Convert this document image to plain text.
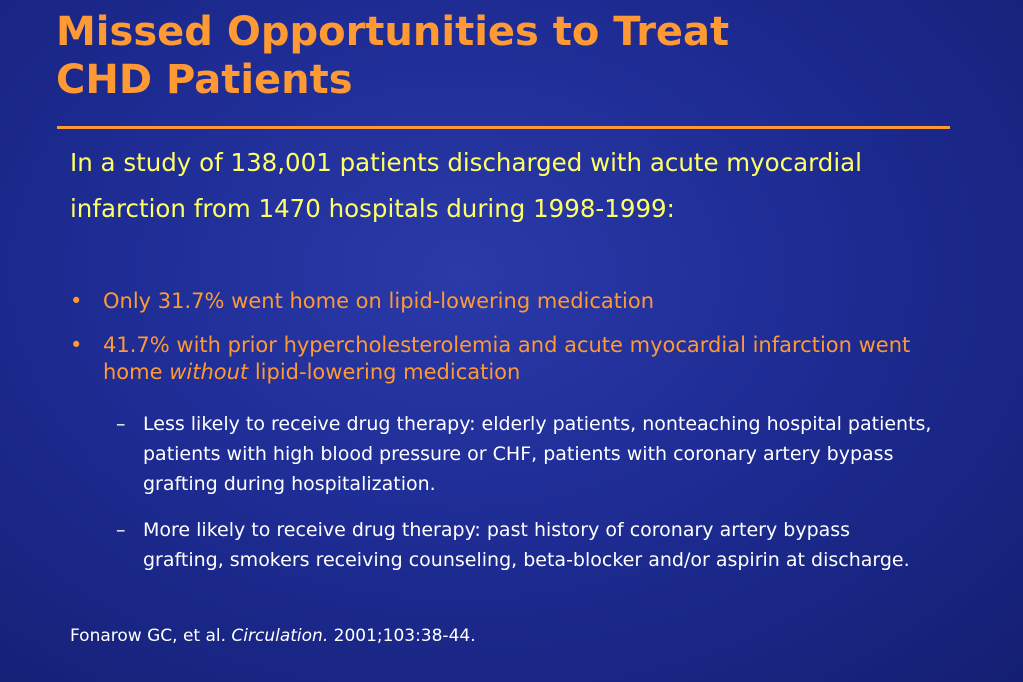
Missed Opportunities to Treat
CHD Patients

In a study of 138,001 patients discharged with acute myocardial infarction from 1470 hospitals during 1998-1999:

• Only 31.7% went home on lipid-lowering medication
• 41.7% with prior hypercholesterolemia and acute myocardial infarction went home without lipid-lowering medication
– Less likely to receive drug therapy: elderly patients, nonteaching hospital patients, patients with high blood pressure or CHF, patients with coronary artery bypass grafting during hospitalization.
– More likely to receive drug therapy: past history of coronary artery bypass grafting, smokers receiving counseling, beta-blocker and/or aspirin at discharge.

Fonarow GC, et al. Circulation. 2001;103:38-44.
